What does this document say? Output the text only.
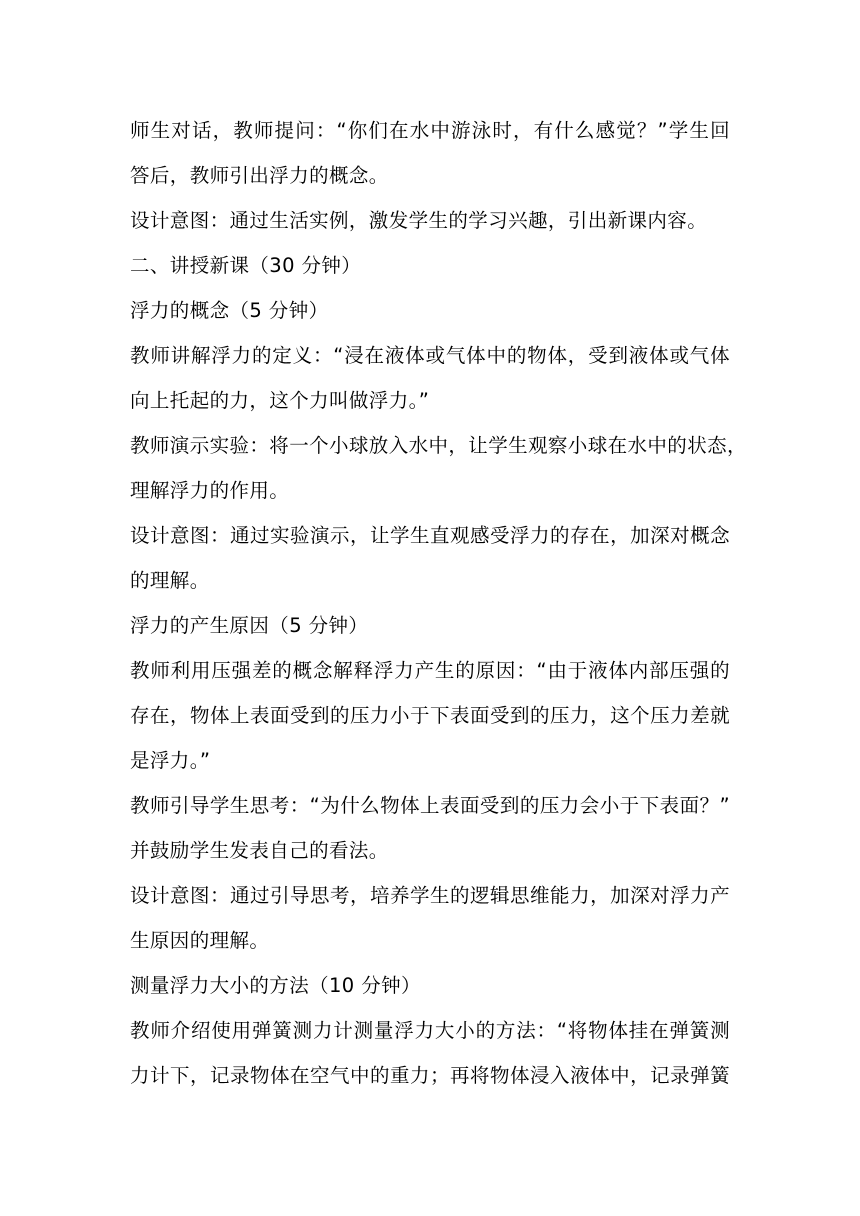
师生对话，教师提问：“你们在水中游泳时，有什么感觉？”学生回
答后，教师引出浮力的概念。
设计意图：通过生活实例，激发学生的学习兴趣，引出新课内容。
二、讲授新课（30 分钟）
浮力的概念（5 分钟）
教师讲解浮力的定义：“浸在液体或气体中的物体，受到液体或气体
向上托起的力，这个力叫做浮力。”
教师演示实验：将一个小球放入水中，让学生观察小球在水中的状态，
理解浮力的作用。
设计意图：通过实验演示，让学生直观感受浮力的存在，加深对概念
的理解。
浮力的产生原因（5 分钟）
教师利用压强差的概念解释浮力产生的原因：“由于液体内部压强的
存在，物体上表面受到的压力小于下表面受到的压力，这个压力差就
是浮力。”
教师引导学生思考：“为什么物体上表面受到的压力会小于下表面？”
并鼓励学生发表自己的看法。
设计意图：通过引导思考，培养学生的逻辑思维能力，加深对浮力产
生原因的理解。
测量浮力大小的方法（10 分钟）
教师介绍使用弹簧测力计测量浮力大小的方法：“将物体挂在弹簧测
力计下，记录物体在空气中的重力；再将物体浸入液体中，记录弹簧
